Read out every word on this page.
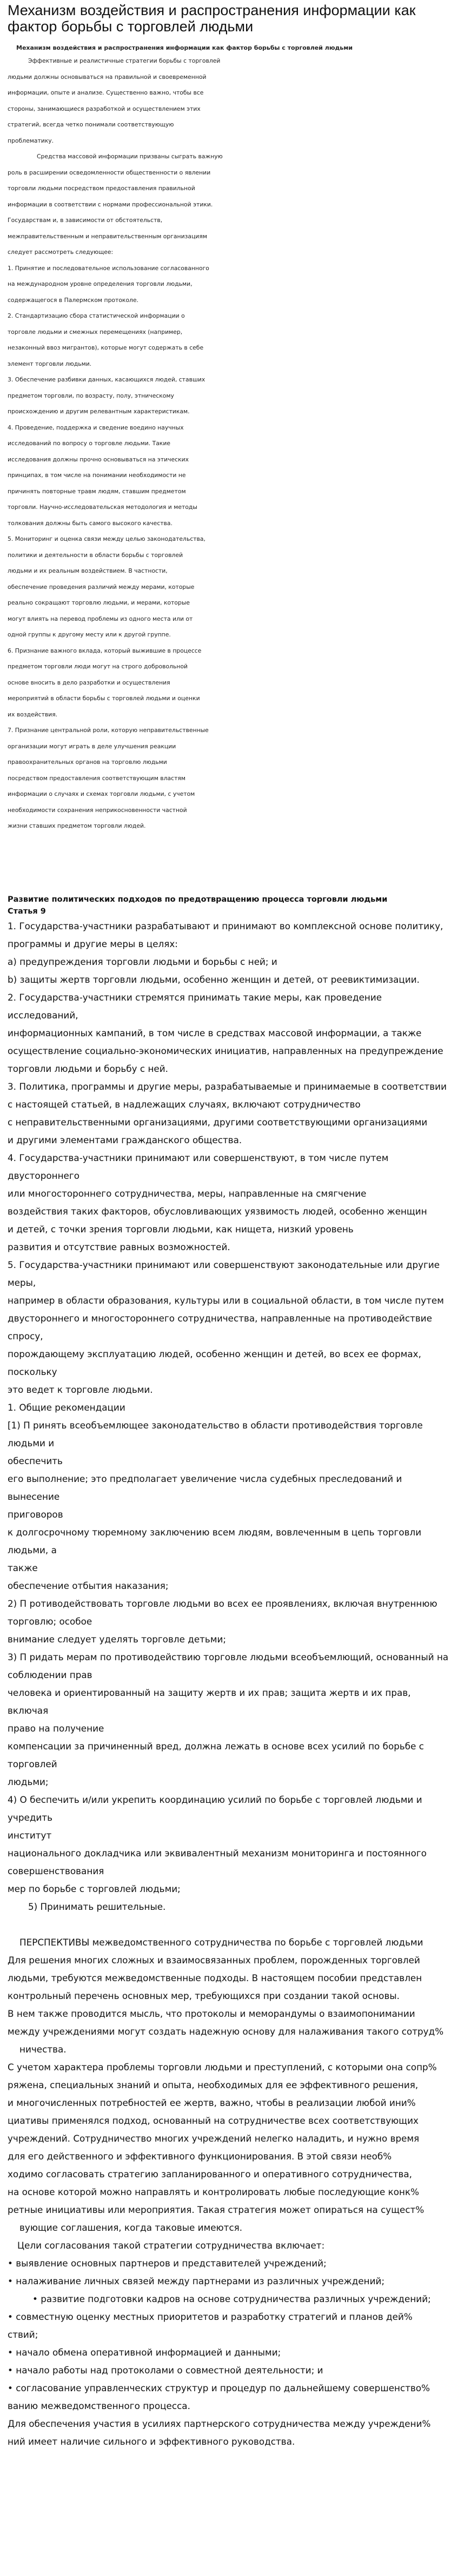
Механизм воздействия и распространения информации как фактор борьбы с торговлей людьми
Механизм воздействия и распространения информации как фактор борьбы с торговлей людьми

Эффективные и реалистичные стратегии борьбы с торговлей

людьми должны основываться на правильной и своевременной

информации, опыте и анализе. Существенно важно, чтобы все

стороны, занимающиеся разработкой и осуществлением этих

стратегий, всегда четко понимали соответствующую

проблематику.

Средства массовой информации призваны сыграть важную

роль в расширении осведомленности общественности о явлении

торговли людьми посредством предоставления правильной

информации в соответствии с нормами профессиональной этики.

Государствам и, в зависимости от обстоятельств,

межправительственным и неправительственным организациям

следует рассмотреть следующее:

1. Принятие и последовательное использование согласованного

на международном уровне определения торговли людьми,

содержащегося в Палермском протоколе.

2. Стандартизацию сбора статистической информации о

торговле людьми и смежных перемещениях (например,

незаконный ввоз мигрантов), которые могут содержать в себе

элемент торговли людьми.

3. Обеспечение разбивки данных, касающихся людей, ставших

предметом торговли, по возрасту, полу, этническому

происхождению и другим релевантным характеристикам.

4. Проведение, поддержка и сведение воедино научных

исследований по вопросу о торговле людьми. Такие

исследования должны прочно основываться на этических

принципах, в том числе на понимании необходимости не

причинять повторные травм людям, ставшим предметом

торговли. Научно-исследовательская методология и методы

толкования должны быть самого высокого качества.

5. Мониторинг и оценка связи между целью законодательства,

политики и деятельности в области борьбы с торговлей

людьми и их реальным воздействием. В частности,

обеспечение проведения различий между мерами, которые

реально сокращают торговлю людьми, и мерами, которые

могут влиять на перевод проблемы из одного места или от

одной группы к другому месту или к другой группе.

6. Признание важного вклада, который выжившие в процессе

предметом торговли люди могут на строго добровольной

основе вносить в дело разработки и осуществления

мероприятий в области борьбы с торговлей людьми и оценки

их воздействия.

7. Признание центральной роли, которую неправительственные

организации могут играть в деле улучшения реакции

правоохранительных органов на торговлю людьми

посредством предоставления соответствующим властям

информации о случаях и схемах торговли людьми, с учетом

необходимости сохранения неприкосновенности частной

жизни ставших предметом торговли людей.

Развитие политических подходов по предотвращению процесса торговли людьми
Статья 9

1. Государства-участники разрабатывают и принимают во комплексной основе политику,

программы и другие меры в целях:

а) предупреждения торговли людьми и борьбы с ней; и

b) защиты жертв торговли людьми, особенно женщин и детей, от реевиктимизации.

2. Государства-участники стремятся принимать такие меры, как проведение исследований,

информационных кампаний, в том числе в средствах массовой информации, а также

осуществление социально-экономических инициатив, направленных на предупреждение

торговли людьми и борьбу с ней.

3. Политика, программы и другие меры, разрабатываемые и принимаемые в соответствии

с настоящей статьей, в надлежащих случаях, включают сотрудничество

с неправительственными организациями, другими соответствующими организациями

и другими элементами гражданского общества.

4. Государства-участники принимают или совершенствуют, в том числе путем двустороннего

или многостороннего сотрудничества, меры, направленные на смягчение

воздействия таких факторов, обусловливающих уязвимость людей, особенно женщин

и детей, с точки зрения торговли людьми, как нищета, низкий уровень

развития и отсутствие равных возможностей.

5. Государства-участники принимают или совершенствуют законодательные или другие меры,

например в области образования, культуры или в социальной области, в том числе путем

двустороннего и многостороннего сотрудничества, направленные на противодействие спросу,

порождающему эксплуатацию людей, особенно женщин и детей, во всех ее формах, поскольку

это ведет к торговле людьми.

1. Общие рекомендации

[1) П ринять всеобъемлющее законодательство в области противодействия торговле людьми и

обеспечить

его выполнение; это предполагает увеличение числа судебных преследований и вынесение

приговоров

к долгосрочному тюремному заключению всем людям, вовлеченным в цепь торговли людьми, а

также

обеспечение отбытия наказания;

2) П ротиводействовать торговле людьми во всех ее проявлениях, включая внутреннюю

торговлю; особое

внимание следует уделять торговле детьми;

3) П ридать мерам по противодействию торговле людьми всеобъемлющий, основанный на

соблюдении прав

человека и ориентированный на защиту жертв и их прав; защита жертв и их прав, включая

право на получение

компенсации за причиненный вред, должна лежать в основе всех усилий по борьбе с торговлей

людьми;

4) О беспечить и/или укрепить координацию усилий по борьбе с торговлей людьми и учредить

институт

национального докладчика или эквивалентный механизм мониторинга и постоянного

совершенствования

мер по борьбе с торговлей людьми;

5) Принимать решительные.

ПЕРСПЕКТИВЫ межведомственного сотрудничества по борьбе с торговлей людьми

Для решения многих сложных и взаимосвязанных проблем, порожденных торговлей

людьми, требуются межведомственные подходы. В настоящем пособии представлен

контрольный перечень основных мер, требующихся при создании такой основы.

В нем также проводится мысль, что протоколы и меморандумы о взаимопонимании

между учреждениями могут создать надежную основу для налаживания такого сотруд%

ничества.

С учетом характера проблемы торговли людьми и преступлений, с которыми она сопр%

ряжена, специальных знаний и опыта, необходимых для ее эффективного решения,

и многочисленных потребностей ее жертв, важно, чтобы в реализации любой ини%

циативы применялся подход, основанный на сотрудничестве всех соответствующих

учреждений. Сотрудничество многих учреждений нелегко наладить, и нужно время

для его действенного и эффективного функционирования. В этой связи необ%

ходимо согласовать стратегию запланированного и оперативного сотрудничества,

на основе которой можно направлять и контролировать любые последующие конк%

ретные инициативы или мероприятия. Такая стратегия может опираться на сущест%

вующие соглашения, когда таковые имеются.

Цели согласования такой стратегии сотрудничества включает:

• выявление основных партнеров и представителей учреждений;

• налаживание личных связей между партнерами из различных учреждений;

• развитие подготовки кадров на основе сотрудничества различных учреждений;

• совместную оценку местных приоритетов и разработку стратегий и планов дей%

ствий;

• начало обмена оперативной информацией и данными;

• начало работы над протоколами о совместной деятельности; и

• согласование управленческих структур и процедур по дальнейшему совершенство%

ванию межведомственного процесса.

Для обеспечения участия в усилиях партнерского сотрудничества между учреждени%

ний имеет наличие сильного и эффективного руководства.
